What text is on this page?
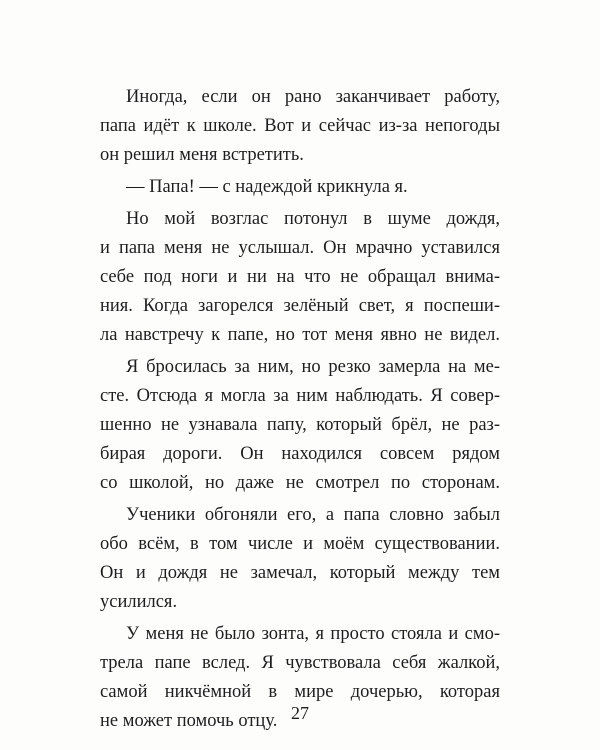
Иногда, если он рано заканчивает работу,
папа идёт к школе. Вот и сейчас из-за непогоды
он решил меня встретить.
— Папа! — с надеждой крикнула я.
Но мой возглас потонул в шуме дождя,
и папа меня не услышал. Он мрачно уставился
себе под ноги и ни на что не обращал внима-
ния. Когда загорелся зелёный свет, я поспеши-
ла навстречу к папе, но тот меня явно не видел.
Я бросилась за ним, но резко замерла на ме-
сте. Отсюда я могла за ним наблюдать. Я совер-
шенно не узнавала папу, который брёл, не раз-
бирая дороги. Он находился совсем рядом
со школой, но даже не смотрел по сторонам.
Ученики обгоняли его, а папа словно забыл
обо всём, в том числе и моём существовании.
Он и дождя не замечал, который между тем
усилился.
У меня не было зонта, я просто стояла и смо-
трела папе вслед. Я чувствовала себя жалкой,
самой никчёмной в мире дочерью, которая
не может помочь отцу. 27
